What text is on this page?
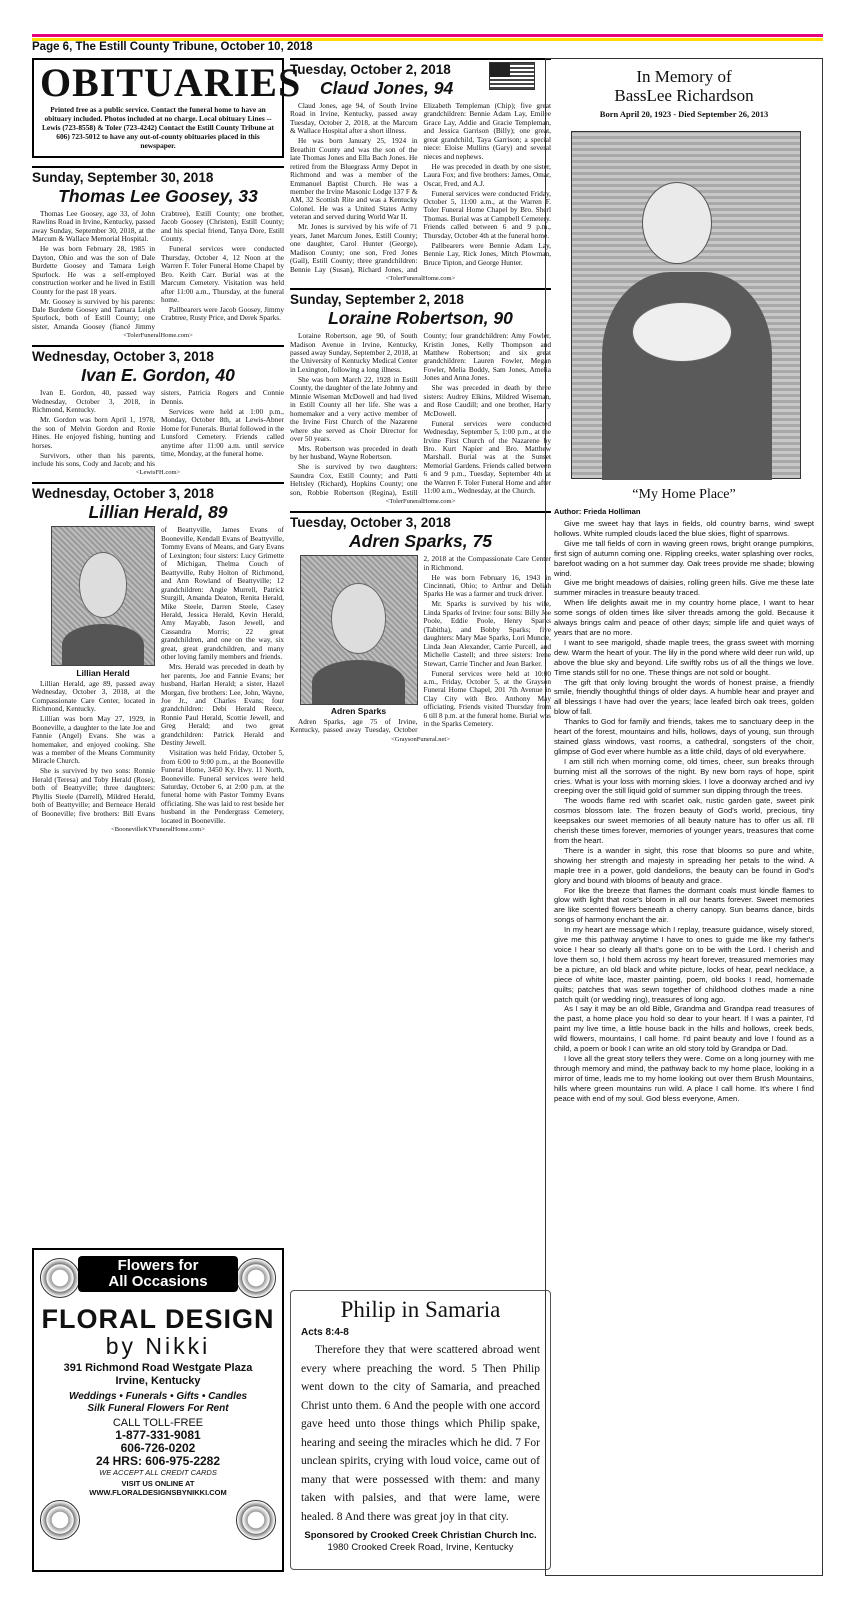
Page 6, The Estill County Tribune, October 10, 2018
OBITUARIES
Printed free as a public service. Contact the funeral home to have an obituary included. Photos included at no charge. Local obituary Lines -- Lewis (723-8558) & Toler (723-4242) Contact the Estill County Tribune at 606) 723-5012 to have any out-of-county obituaries placed in this newspaper.
Sunday, September 30, 2018
Thomas Lee Goosey, 33

Thomas Lee Goosey, age 33, of John Rawlins Road in Irvine, Kentucky, passed away Sunday, September 30, 2018, at the Marcum & Wallace Memorial Hospital.

He was born February 28, 1985 in Dayton, Ohio and was the son of Dale Burdette Goosey and Tamara Leigh Spurlock. He was a self-employed construction worker and he lived in Estill County for the past 18 years.

Mr. Goosey is survived by his parents: Dale Burdette Goosey and Tamara Leigh Spurlock, both of Estill County; one sister, Amanda Goosey (fiancé Jimmy Crabtree), Estill County; one brother, Jacob Goosey (Christen), Estill County; and his special friend, Tanya Dore, Estill County.

Funeral services were conducted Thursday, October 4, 12 Noon at the Warren F. Toler Funeral Home Chapel by Bro. Keith Carr. Burial was at the Marcum Cemetery. Visitation was held after 11:00 a.m., Thursday, at the funeral home.

Pallbearers were Jacob Goosey, Jimmy Crabtree, Rusty Price, and Derek Sparks.

<TolerFuneralHome.com>
Wednesday, October 3, 2018
Ivan E. Gordon, 40

Ivan E. Gordon, 40, passed way Wednesday, October 3, 2018, in Richmond, Kentucky.

Mr. Gordon was born April 1, 1978, the son of Melvin Gordon and Roxie Hines. He enjoyed fishing, hunting and horses.

Survivors, other than his parents, include his sons, Cody and Jacob; and his sisters, Patricia Rogers and Connie Dennis.

Services were held at 1:00 p.m., Monday, October 8th, at Lewis-Abner Home for Funerals. Burial followed in the Lunsford Cemetery. Friends called anytime after 11:00 a.m. until service time, Monday, at the funeral home.

<LewisFH.com>
Wednesday, October 3, 2018
Lillian Herald, 89
Lillian Herald

Lillian Herald, age 89, passed away Wednesday, October 3, 2018, at the Compassionate Care Center, located in Richmond, Kentucky.

Lillian was born May 27, 1929, in Booneville, a daughter to the late Joe and Fannie (Angel) Evans. She was a homemaker, and enjoyed cooking. She was a member of the Means Community Miracle Church.

She is survived by two sons: Ronnie Herald (Teresa) and Toby Herald (Rose), both of Beattyville; three daughters: Phyllis Steele (Darrell), Mildred Herald, both of Beattyville; and Berneace Herald of Booneville; five brothers: Bill Evans of Beattyville, James Evans of Booneville, Kendall Evans of Beattyville, Tommy Evans of Means, and Gary Evans of Lexington; four sisters: Lucy Grimette of Michigan, Thelma Couch of Beattyville, Ruby Holton of Richmond, and Ann Rowland of Beattyville; 12 grandchildren: Angie Murrell, Patrick Sturgill, Amanda Deaton, Renita Herald, Mike Steele, Darren Steele, Casey Herald, Jessica Herald, Kevin Herald, Amy Mayabb, Jason Jewell, and Cassandra Morris; 22 great grandchildren, and one on the way, six great, great grandchildren, and many other loving family members and friends.

Mrs. Herald was preceded in death by her parents, Joe and Fannie Evans; her husband, Harlan Herald; a sister, Hazel Morgan, five brothers: Lee, John, Wayne, Joe Jr., and Charles Evans; four grandchildren: Debi Herald Reece, Ronnie Paul Herald, Scottie Jewell, and Greg Herald; and two great grandchildren: Patrick Herald and Destiny Jewell.

Visitation was held Friday, October 5, from 6:00 to 9:00 p.m., at the Booneville Funeral Home, 3450 Ky. Hwy. 11 North, Booneville. Funeral services were held Saturday, October 6, at 2:00 p.m. at the funeral home with Pastor Tommy Evans officiating. She was laid to rest beside her husband in the Pendergrass Cemetery, located in Booneville.

<BoonevilleKYFuneralHome.com>
Flowers for
All Occasions
FLORAL DESIGN
by Nikki
391 Richmond Road Westgate Plaza
Irvine, Kentucky
Weddings • Funerals • Gifts • Candles
Silk Funeral Flowers For Rent
CALL TOLL-FREE
1-877-331-9081
606-726-0202
24 HRS: 606-975-2282
WE ACCEPT ALL CREDIT CARDS
VISIT US ONLINE AT
WWW.FLORALDESIGNSBYNIKKI.COM
Tuesday, October 2, 2018
Claud Jones, 94

Claud Jones, age 94, of South Irvine Road in Irvine, Kentucky, passed away Tuesday, October 2, 2018, at the Marcum & Wallace Hospital after a short illness.

He was born January 25, 1924 in Breathitt County and was the son of the late Thomas Jones and Ella Bach Jones. He retired from the Bluegrass Army Depot in Richmond and was a member of the Emmanuel Baptist Church. He was a member the Irvine Masonic Lodge 137 F & AM, 32 Scottish Rite and was a Kentucky Colonel. He was a United States Army veteran and served during World War II.

Mr. Jones is survived by his wife of 71 years, Janet Marcum Jones, Estill County; one daughter, Carol Hunter (George), Madison County; one son, Fred Jones (Gail), Estill County; three grandchildren: Bennie Lay (Susan), Richard Jones, and Elizabeth Templeman (Chip); five great grandchildren: Bennie Adam Lay, Emilee Grace Lay, Addie and Gracie Templeman, and Jessica Garrison (Billy); one great, great grandchild, Taya Garrison; a special niece: Eloise Mullins (Gary) and several nieces and nephews.

He was preceded in death by one sister, Laura Fox; and five brothers: James, Omar, Oscar, Fred, and A.J.

Funeral services were conducted Friday, October 5, 11:00 a.m., at the Warren F. Toler Funeral Home Chapel by Bro. Sherl Thomas. Burial was at Campbell Cemetery. Friends called between 6 and 9 p.m., Thursday, October 4th at the funeral home.

Pallbearers were Bennie Adam Lay, Bennie Lay, Rick Jones, Mitch Plowman, Bruce Tipton, and George Hunter.

<TolerFuneralHome.com>
Sunday, September 2, 2018
Loraine Robertson, 90

Loraine Robertson, age 90, of South Madison Avenue in Irvine, Kentucky, passed away Sunday, September 2, 2018, at the University of Kentucky Medical Center in Lexington, following a long illness.

She was born March 22, 1928 in Estill County, the daughter of the late Johnny and Minnie Wiseman McDowell and had lived in Estill County all her life. She was a homemaker and a very active member of the Irvine First Church of the Nazarene where she served as Choir Director for over 50 years.

Mrs. Robertson was preceded in death by her husband, Wayne Robertson.

She is survived by two daughters: Saundra Cox, Estill County; and Patti Heltsley (Richard), Hopkins County; one son, Robbie Robertson (Regina), Estill County; four grandchildren: Amy Fowler, Kristin Jones, Kelly Thompson and Matthew Robertson; and six great grandchildren: Lauren Fowler, Megan Fowler, Melia Boddy, Sam Jones, Amelia Jones and Anna Jones.

She was preceded in death by three sisters: Audrey Elkins, Mildred Wiseman, and Rose Caudill; and one brother, Harry McDowell.

Funeral services were conducted Wednesday, September 5, 1:00 p.m., at the Irvine First Church of the Nazarene by Bro. Kurt Napier and Bro. Matthew Marshall. Burial was at the Sunset Memorial Gardens. Friends called between 6 and 9 p.m., Tuesday, September 4th at the Warren F. Toler Funeral Home and after 11:00 a.m., Wednesday, at the Church.

<TolerFuneralHome.com>
Tuesday, October 3, 2018
Adren Sparks, 75
Adren Sparks

Adren Sparks, age 75 of Irvine, Kentucky, passed away Tuesday, October 2, 2018 at the Compassionate Care Center in Richmond.

He was born February 16, 1943 in Cincinnati, Ohio; to Arthur and Deliah Sparks He was a farmer and truck driver.

Mr. Sparks is survived by his wife, Linda Sparks of Irvine: four sons: Billy Joe Poole, Eddie Poole, Henry Sparks (Tabitha), and Bobby Sparks; five daughters: Mary Mae Sparks, Lori Muncie, Linda Jean Alexander, Carrie Purcell, and Michelle Castell; and three sisters: Irene Stewart, Carrie Tincher and Jean Barker.

Funeral services were held at 10:00 a.m., Friday, October 5, at the Grayson Funeral Home Chapel, 201 7th Avenue in Clay City with Bro. Anthony May officiating. Friends visited Thursday from 6 till 8 p.m. at the funeral home. Burial was in the Sparks Cemetery.

<GraysonFuneral.net>
Philip in Samaria
Acts 8:4-8
Therefore they that were scattered abroad went every where preaching the word. 5 Then Philip went down to the city of Samaria, and preached Christ unto them. 6 And the people with one accord gave heed unto those things which Philip spake, hearing and seeing the miracles which he did. 7 For unclean spirits, crying with loud voice, came out of many that were possessed with them: and many taken with palsies, and that were lame, were healed. 8 And there was great joy in that city.
Sponsored by Crooked Creek Christian Church Inc.
1980 Crooked Creek Road, Irvine, Kentucky
In Memory of
BassLee Richardson
Born April 20, 1923 - Died September 26, 2013
“My Home Place”
Author: Frieda Holliman

Give me sweet hay that lays in fields, old country barns, wind swept hollows. White rumpled clouds laced the blue skies, flight of sparrows.

Give me tall fields of corn in waving green rows, bright orange pumpkins, first sign of autumn coming one. Rippling creeks, water splashing over rocks, barefoot wading on a hot summer day. Oak trees provide me shade; blowing wind.

Give me bright meadows of daisies, rolling green hills. Give me these late summer miracles in treasure beauty traced.

When life delights await me in my country home place, I want to hear some songs of olden times like silver threads among the gold. Because it always brings calm and peace of other days; simple life and quiet ways of years that are no more.

I want to see marigold, shade maple trees, the grass sweet with morning dew. Warm the heart of your. The lily in the pond where wild deer run wild, up above the blue sky and beyond. Life swiftly robs us of all the things we love. Time stands still for no one. These things are not sold or bought.

The gift that only loving brought the words of honest praise, a friendly smile, friendly thoughtful things of older days. A humble hear and prayer and all blessings I have had over the years; lace leafed birch oak trees, golden blow of fall.

Thanks to God for family and friends, takes me to sanctuary deep in the heart of the forest, mountains and hills, hollows, days of young, sun through stained glass windows, vast rooms, a cathedral, songsters of the choir, glimpse of God ever where humble as a little child, days of old everywhere.

I am still rich when morning come, old times, cheer, sun breaks through burning mist all the sorrows of the night. By new born rays of hope, spirit cries. What is your loss with morning skies. I love a doorway arched and ivy creeping over the still liquid gold of summer sun dipping through the trees.

The woods flame red with scarlet oak, rustic garden gate, sweet pink cosmos blossom late. The frozen beauty of God's world, precious, tiny keepsakes our sweet memories of all beauty nature has to offer us all. I'll cherish these times forever, memories of younger years, treasures that come from the heart.

There is a wander in sight, this rose that blooms so pure and white, showing her strength and majesty in spreading her petals to the wind. A maple tree in a power, gold dandelions, the beauty can be found in God's glory and bound with blooms of beauty and grace.

For like the breeze that flames the dormant coals must kindle flames to glow with light that rose's bloom in all our hearts forever. Sweet memories are like scented flowers beneath a cherry canopy. Sun beams dance, birds songs of harmony enchant the air.

In my heart are message which I replay, treasure guidance, wisely stored, give me this pathway anytime I have to ones to guide me like my father's voice I hear so clearly all that's gone on to be with the Lord. I cherish and love them so, I hold them across my heart forever, treasured memories may be a picture, an old black and white picture, locks of hear, pearl necklace, a piece of white lace, master painting, poem, old books I read, homemade quilts; patches that was sewn together of childhood clothes made a nine patch quilt (or wedding ring), treasures of long ago.

As I say it may be an old Bible, Grandma and Grandpa read treasures of the past, a home place you hold so dear to your heart. If I was a painter, I'd paint my live time, a little house back in the hills and hollows, creek beds, wild flowers, mountains, I call home. I'd paint beauty and love I found as a child, a poem or book I can write an old story told by Grandpa or Dad.

I love all the great story tellers they were. Come on a long journey with me through memory and mind, the pathway back to my home place, looking in a mirror of time, leads me to my home looking out over them Brush Mountains, hills where green mountains run wild. A place I call home. It's where I find peace with end of my soul. God bless everyone, Amen.
